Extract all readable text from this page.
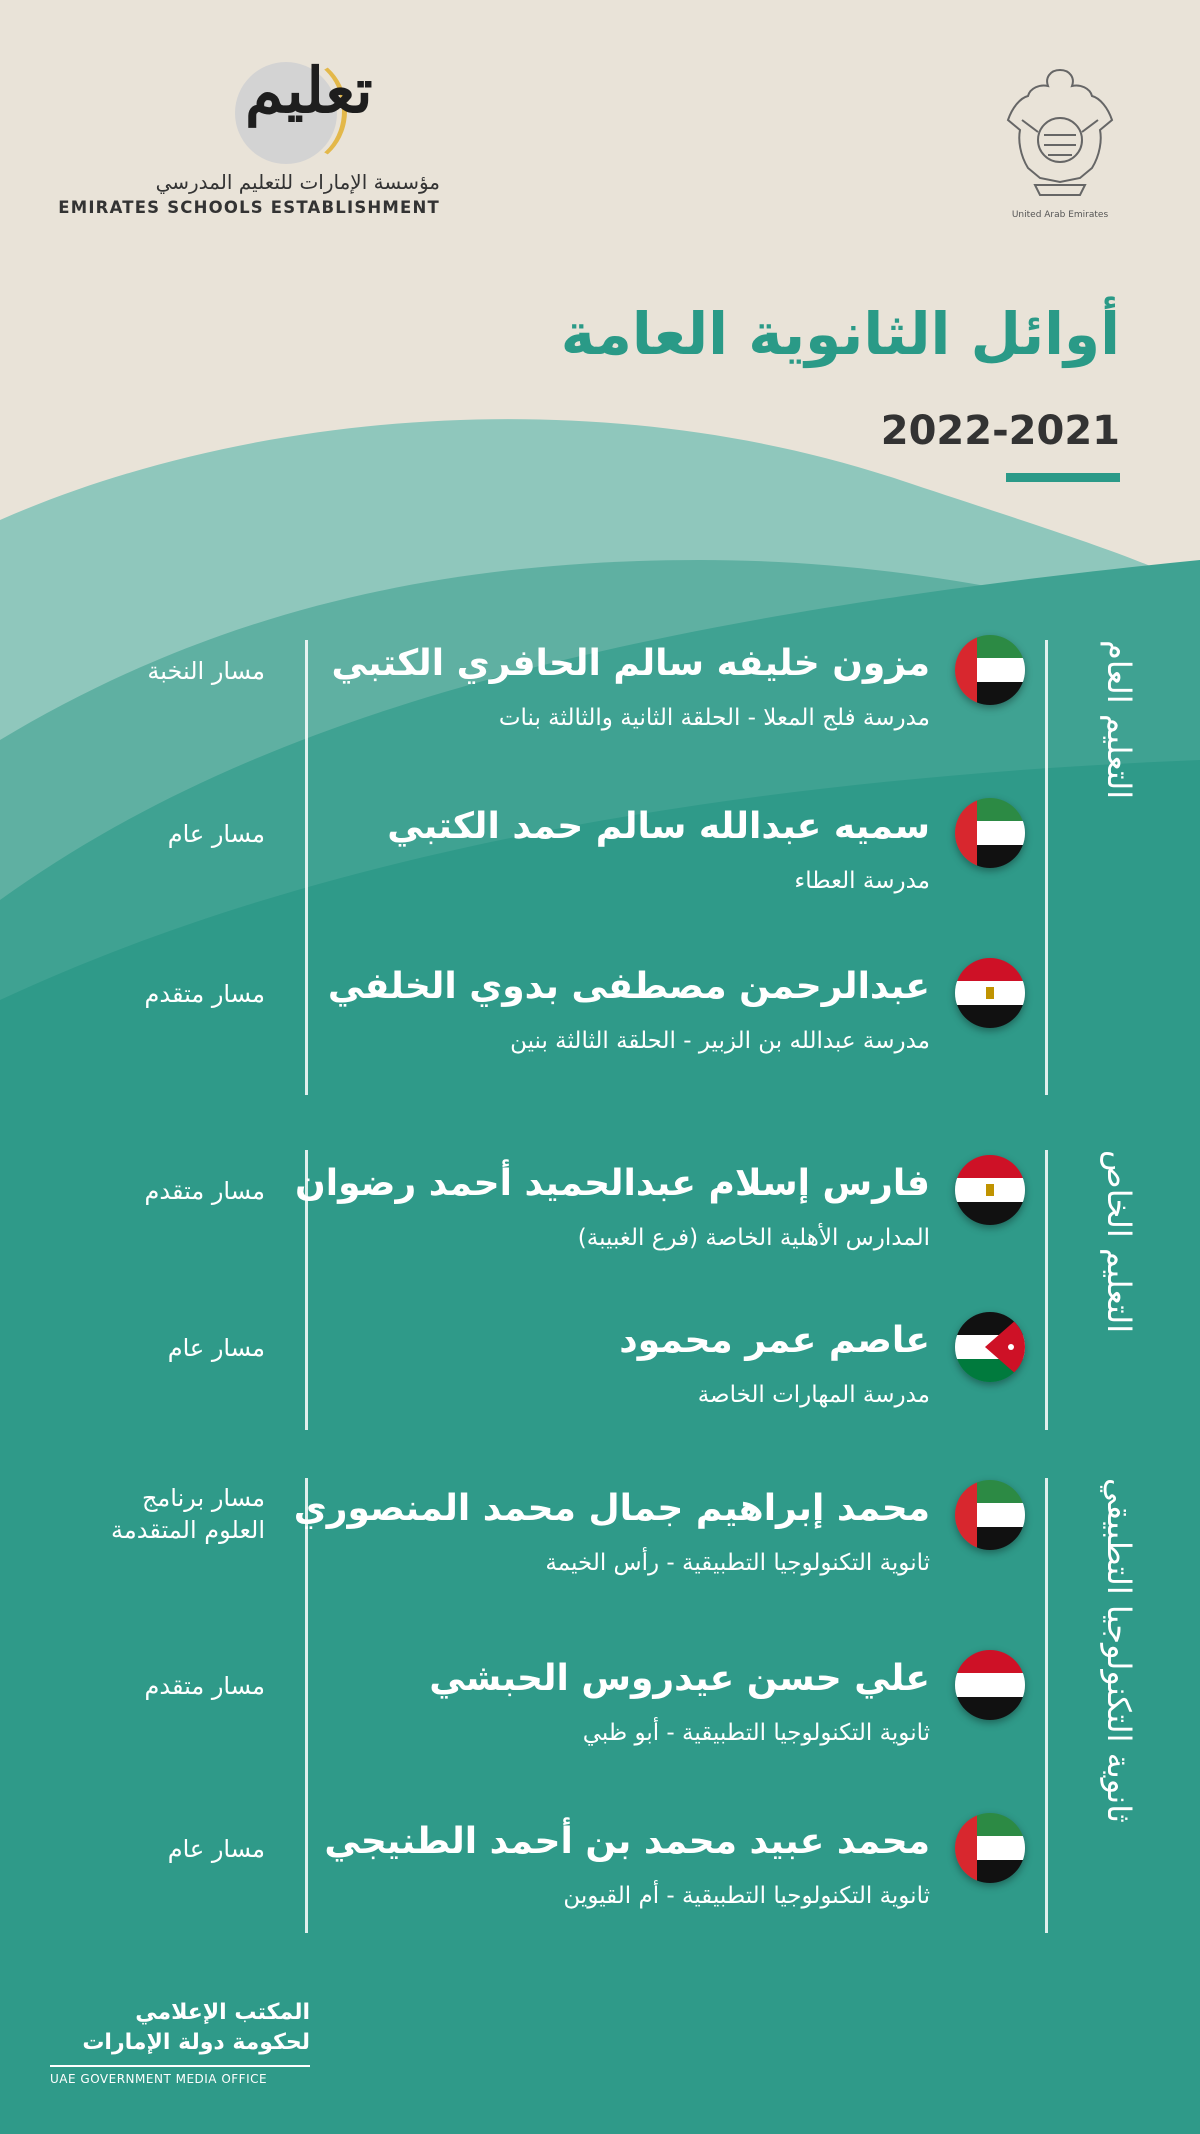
تعليم
مؤسسة الإمارات للتعليم المدرسي
EMIRATES SCHOOLS ESTABLISHMENT	United Arab Emirates
أوائل الثانوية العامة
2022-2021
التعليم العام
التعليم الخاص
ثانوية التكنولوجيا التطبيقي
مزون خليفه سالم الحافري الكتبي
مدرسة فلج المعلا - الحلقة الثانية والثالثة بنات
مسار النخبة
سميه عبدالله سالم حمد الكتبي
مدرسة العطاء
مسار عام
عبدالرحمن مصطفى بدوي الخلفي
مدرسة عبدالله بن الزبير - الحلقة الثالثة بنين
مسار متقدم
فارس إسلام عبدالحميد أحمد رضوان
المدارس الأهلية الخاصة (فرع الغبيبة)
مسار متقدم
عاصم عمر محمود
مدرسة المهارات الخاصة
مسار عام
محمد إبراهيم جمال محمد المنصوري
ثانوية التكنولوجيا التطبيقية - رأس الخيمة
مسار برنامج
العلوم المتقدمة
علي حسن عيدروس الحبشي
ثانوية التكنولوجيا التطبيقية - أبو ظبي
مسار متقدم
محمد عبيد محمد بن أحمد الطنيجي
ثانوية التكنولوجيا التطبيقية - أم القيوين
مسار عام
المكتب الإعلامي
لحكومة دولة الإمارات
UAE GOVERNMENT MEDIA OFFICE
